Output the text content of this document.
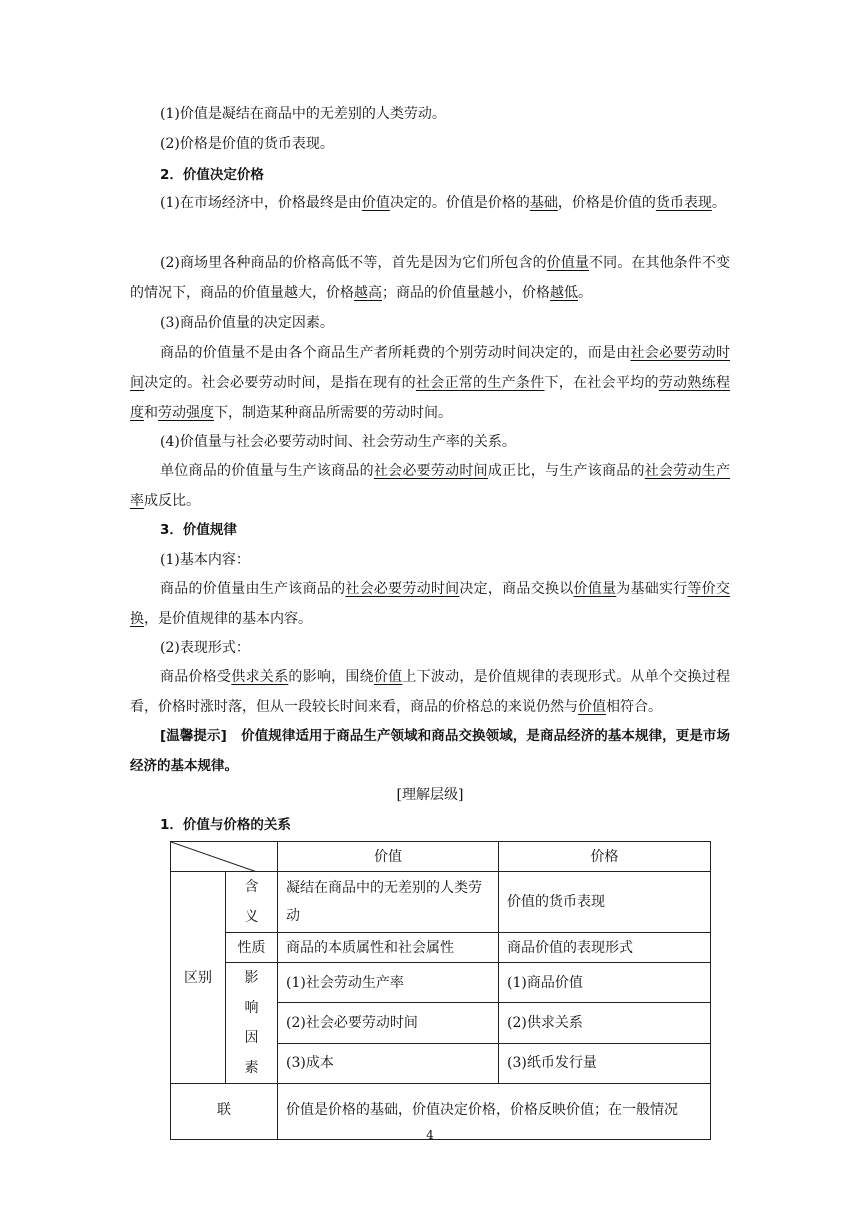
(1)价值是凝结在商品中的无差别的人类劳动。
(2)价格是价值的货币表现。
2．价值决定价格
(1)在市场经济中，价格最终是由价值决定的。价值是价格的基础，价格是价值的货币表现。
(2)商场里各种商品的价格高低不等，首先是因为它们所包含的价值量不同。在其他条件不变的情况下，商品的价值量越大，价格越高；商品的价值量越小，价格越低。
(3)商品价值量的决定因素。
商品的价值量不是由各个商品生产者所耗费的个别劳动时间决定的，而是由社会必要劳动时间决定的。社会必要劳动时间，是指在现有的社会正常的生产条件下，在社会平均的劳动熟练程度和劳动强度下，制造某种商品所需要的劳动时间。
(4)价值量与社会必要劳动时间、社会劳动生产率的关系。
单位商品的价值量与生产该商品的社会必要劳动时间成正比，与生产该商品的社会劳动生产率成反比。
3．价值规律
(1)基本内容：
商品的价值量由生产该商品的社会必要劳动时间决定，商品交换以价值量为基础实行等价交换，是价值规律的基本内容。
(2)表现形式：
商品价格受供求关系的影响，围绕价值上下波动，是价值规律的表现形式。从单个交换过程看，价格时涨时落，但从一段较长时间来看，商品的价格总的来说仍然与价值相符合。
[温馨提示] 价值规律适用于商品生产领域和商品交换领域，是商品经济的基本规律，更是市场经济的基本规律。
[理解层级]
1．价值与价格的关系
	价值	价格
区别	含义	凝结在商品中的无差别的人类劳动	价值的货币表现
	性质	商品的本质属性和社会属性	商品价值的表现形式
	影响因素	(1)社会劳动生产率	(1)商品价值
		(2)社会必要劳动时间	(2)供求关系
		(3)成本	(3)纸币发行量
联		价值是价格的基础，价值决定价格，价格反映价值；在一般情况	
4
